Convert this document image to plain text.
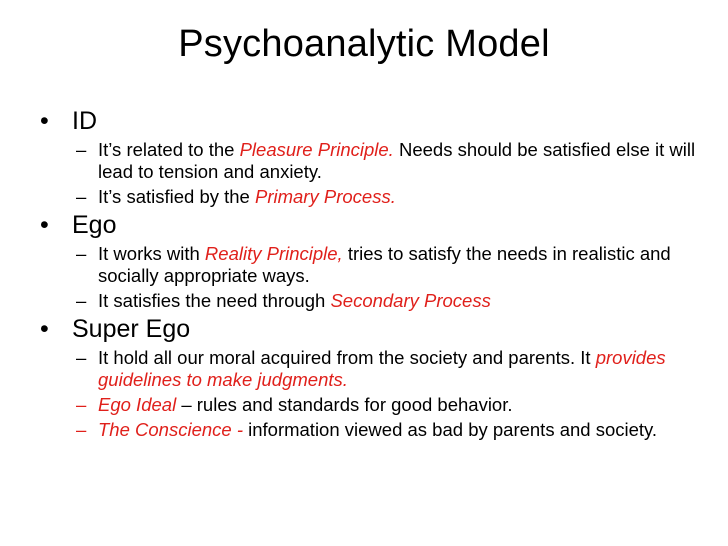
Psychoanalytic Model
• ID
– It’s related to the Pleasure Principle. Needs should be satisfied else it will lead to tension and anxiety.
– It’s satisfied by the Primary Process.
• Ego
– It works with Reality Principle, tries to satisfy the needs in realistic and socially appropriate ways.
– It satisfies the need through Secondary Process
• Super Ego
– It hold all our moral acquired from the society and parents. It provides guidelines to make judgments.
– Ego Ideal – rules and standards for good behavior.
– The Conscience - information viewed as bad by parents and society.
